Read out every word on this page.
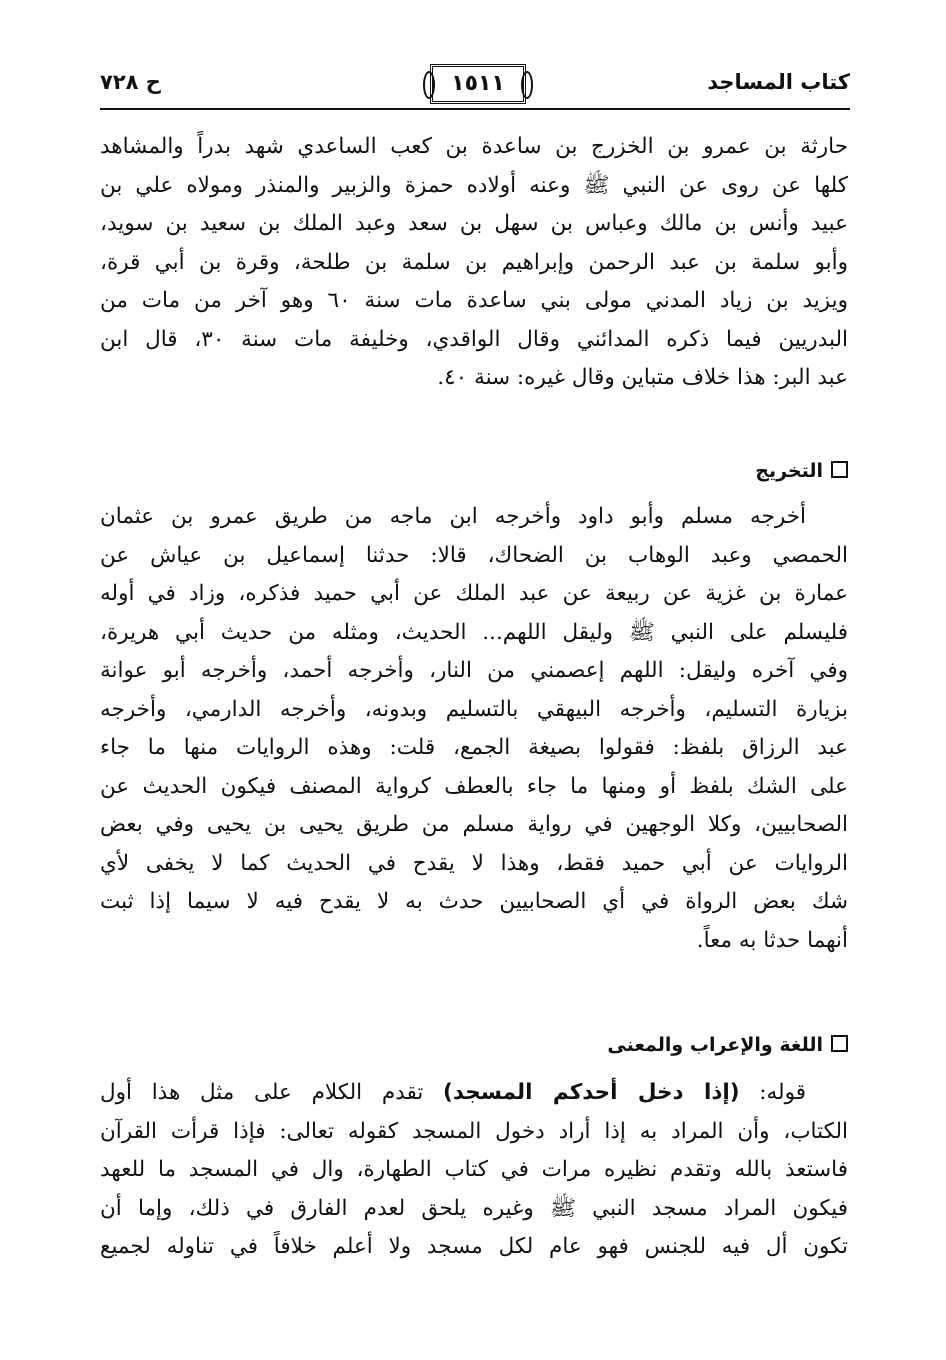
كتاب المساجد
١٥١١
ح ٧٢٨
حارثة بن عمرو بن الخزرج بن ساعدة بن كعب الساعدي شهد بدراً والمشاهد
كلها عن روى عن النبي ﷺ وعنه أولاده حمزة والزبير والمنذر ومولاه علي بن
عبيد وأنس بن مالك وعباس بن سهل بن سعد وعبد الملك بن سعيد بن سويد،
وأبو سلمة بن عبد الرحمن وإبراهيم بن سلمة بن طلحة، وقرة بن أبي قرة،
ويزيد بن زياد المدني مولى بني ساعدة مات سنة ٦٠ وهو آخر من مات من
البدريين فيما ذكره المدائني وقال الواقدي، وخليفة مات سنة ٣٠، قال ابن
عبد البر: هذا خلاف متباين وقال غيره: سنة ٤٠.
التخريج
أخرجه مسلم وأبو داود وأخرجه ابن ماجه من طريق عمرو بن عثمان
الحمصي وعبد الوهاب بن الضحاك، قالا: حدثنا إسماعيل بن عياش عن
عمارة بن غزية عن ربيعة عن عبد الملك عن أبي حميد فذكره، وزاد في أوله
فليسلم على النبي ﷺ وليقل اللهم... الحديث، ومثله من حديث أبي هريرة،
وفي آخره وليقل: اللهم إعصمني من النار، وأخرجه أحمد، وأخرجه أبو عوانة
بزيارة التسليم، وأخرجه البيهقي بالتسليم وبدونه، وأخرجه الدارمي، وأخرجه
عبد الرزاق بلفظ: فقولوا بصيغة الجمع، قلت: وهذه الروايات منها ما جاء
على الشك بلفظ أو ومنها ما جاء بالعطف كرواية المصنف فيكون الحديث عن
الصحابيين، وكلا الوجهين في رواية مسلم من طريق يحيى بن يحيى وفي بعض
الروايات عن أبي حميد فقط، وهذا لا يقدح في الحديث كما لا يخفى لأي
شك بعض الرواة في أي الصحابيين حدث به لا يقدح فيه لا سيما إذا ثبت
أنهما حدثا به معاً.
اللغة والإعراب والمعنى
قوله: (إذا دخل أحدكم المسجد) تقدم الكلام على مثل هذا أول
الكتاب، وأن المراد به إذا أراد دخول المسجد كقوله تعالى: فإذا قرأت القرآن
فاستعذ بالله وتقدم نظيره مرات في كتاب الطهارة، وال في المسجد ما للعهد
فيكون المراد مسجد النبي ﷺ وغيره يلحق لعدم الفارق في ذلك، وإما أن
تكون أل فيه للجنس فهو عام لكل مسجد ولا أعلم خلافاً في تناوله لجميع
